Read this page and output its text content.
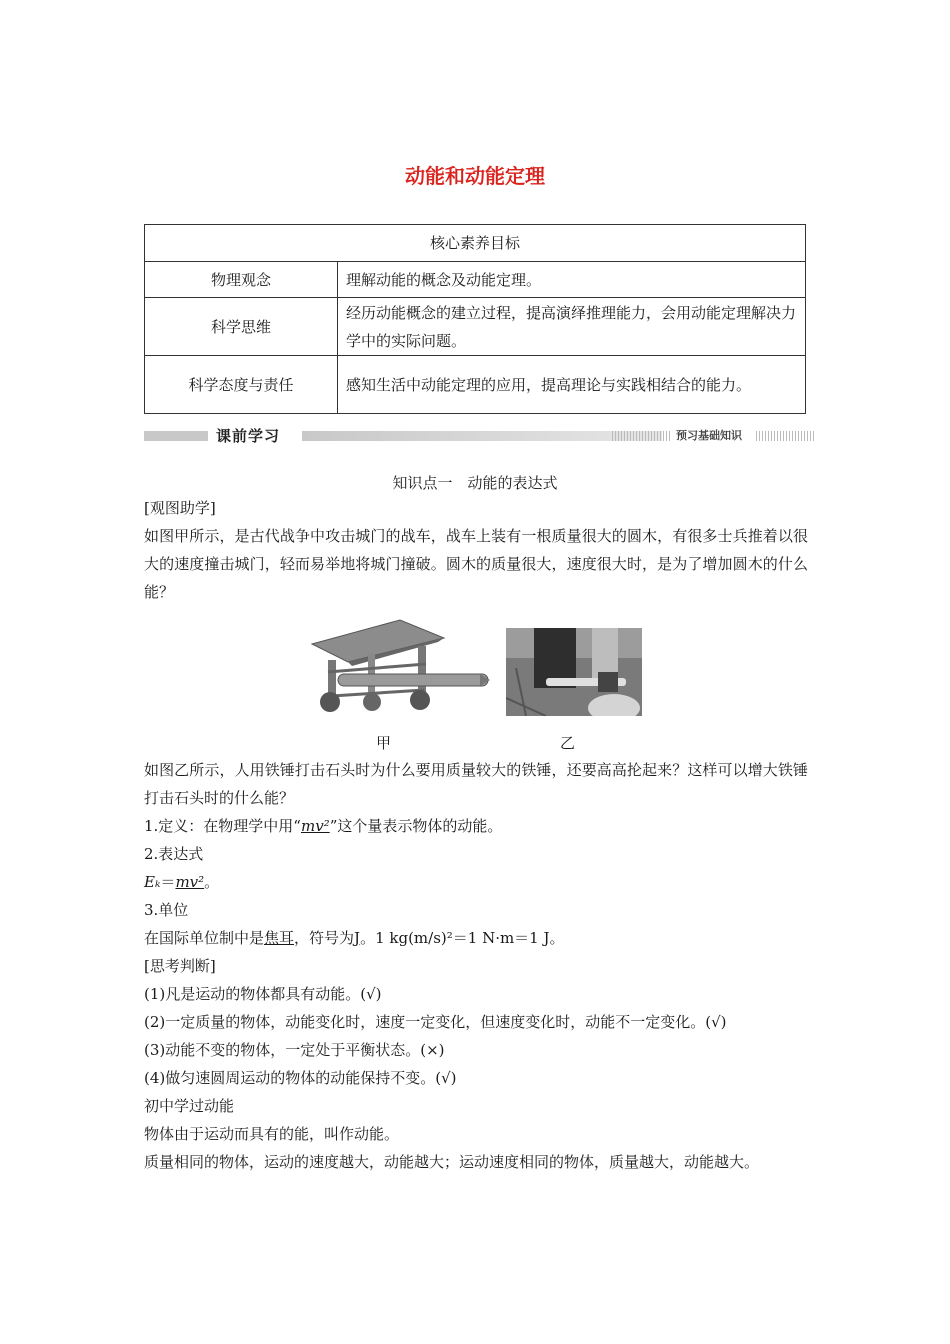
动能和动能定理
核心素养目标	
物理观念	理解动能的概念及动能定理。
科学思维	经历动能概念的建立过程，提高演绎推理能力，会用动能定理解决力学中的实际问题。
科学态度与责任	感知生活中动能定理的应用，提高理论与实践相结合的能力。
课前学习	预习基础知识
知识点一　动能的表达式
[观图助学]
如图甲所示，是古代战争中攻击城门的战车，战车上装有一根质量很大的圆木，有很多士兵推着以很大的速度撞击城门，轻而易举地将城门撞破。圆木的质量很大，速度很大时，是为了增加圆木的什么能？
甲	乙
如图乙所示，人用铁锤打击石头时为什么要用质量较大的铁锤，还要高高抡起来？这样可以增大铁锤打击石头时的什么能？
1.定义：在物理学中用“mv²”这个量表示物体的动能。
2.表达式
Eₖ＝mv²。
3.单位
在国际单位制中是焦耳，符号为J。1 kg(m/s)²＝1 N·m＝1 J。
[思考判断]
(1)凡是运动的物体都具有动能。(√)
(2)一定质量的物体，动能变化时，速度一定变化，但速度变化时，动能不一定变化。(√)
(3)动能不变的物体，一定处于平衡状态。(×)
(4)做匀速圆周运动的物体的动能保持不变。(√)
初中学过动能
物体由于运动而具有的能，叫作动能。
质量相同的物体，运动的速度越大，动能越大；运动速度相同的物体，质量越大，动能越大。
